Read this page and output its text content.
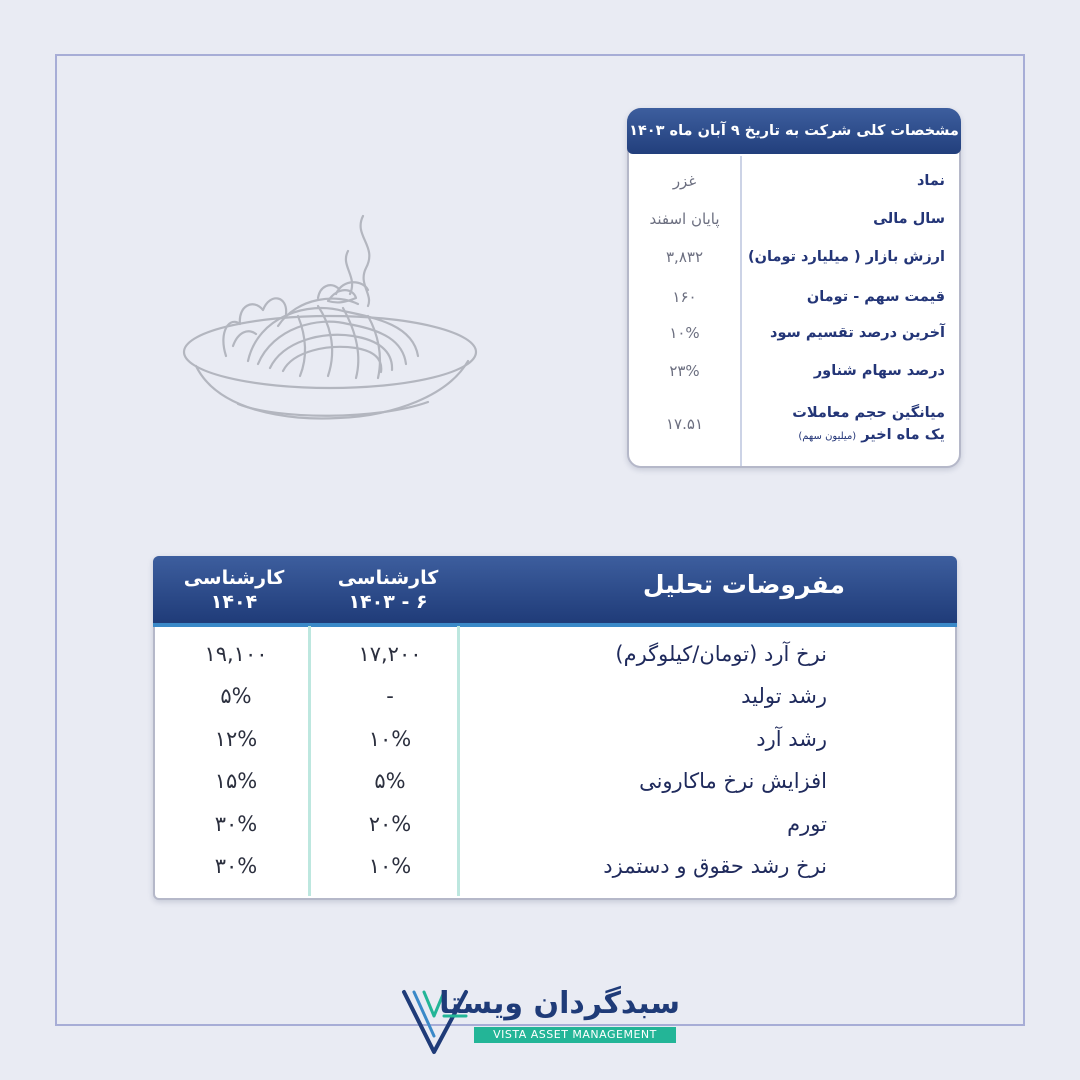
مشخصات کلی شرکت به تاریخ ۹ آبان ماه ۱۴۰۳
نماد
غزر
سال مالی
پایان اسفند
ارزش بازار ( میلیارد تومان)
۳,۸۳۲
قیمت سهم - تومان
۱۶۰
آخرین درصد تقسیم سود
۱۰%
درصد سهام شناور
۲۳%
میانگین حجم معاملات
یک ماه اخیر (میلیون سهم)
۱۷.۵۱
مفروضات تحلیل
کارشناسی
۶ - ۱۴۰۳
کارشناسی
۱۴۰۴
نرخ آرد (تومان/کیلوگرم)
۱۷,۲۰۰
۱۹,۱۰۰
رشد تولید
-
۵%
رشد آرد
۱۰%
۱۲%
افزایش نرخ ماکارونی
۵%
۱۵%
تورم
۲۰%
۳۰%
نرخ رشد حقوق و دستمزد
۱۰%
۳۰%
سبدگردان ویستا
VISTA ASSET MANAGEMENT
